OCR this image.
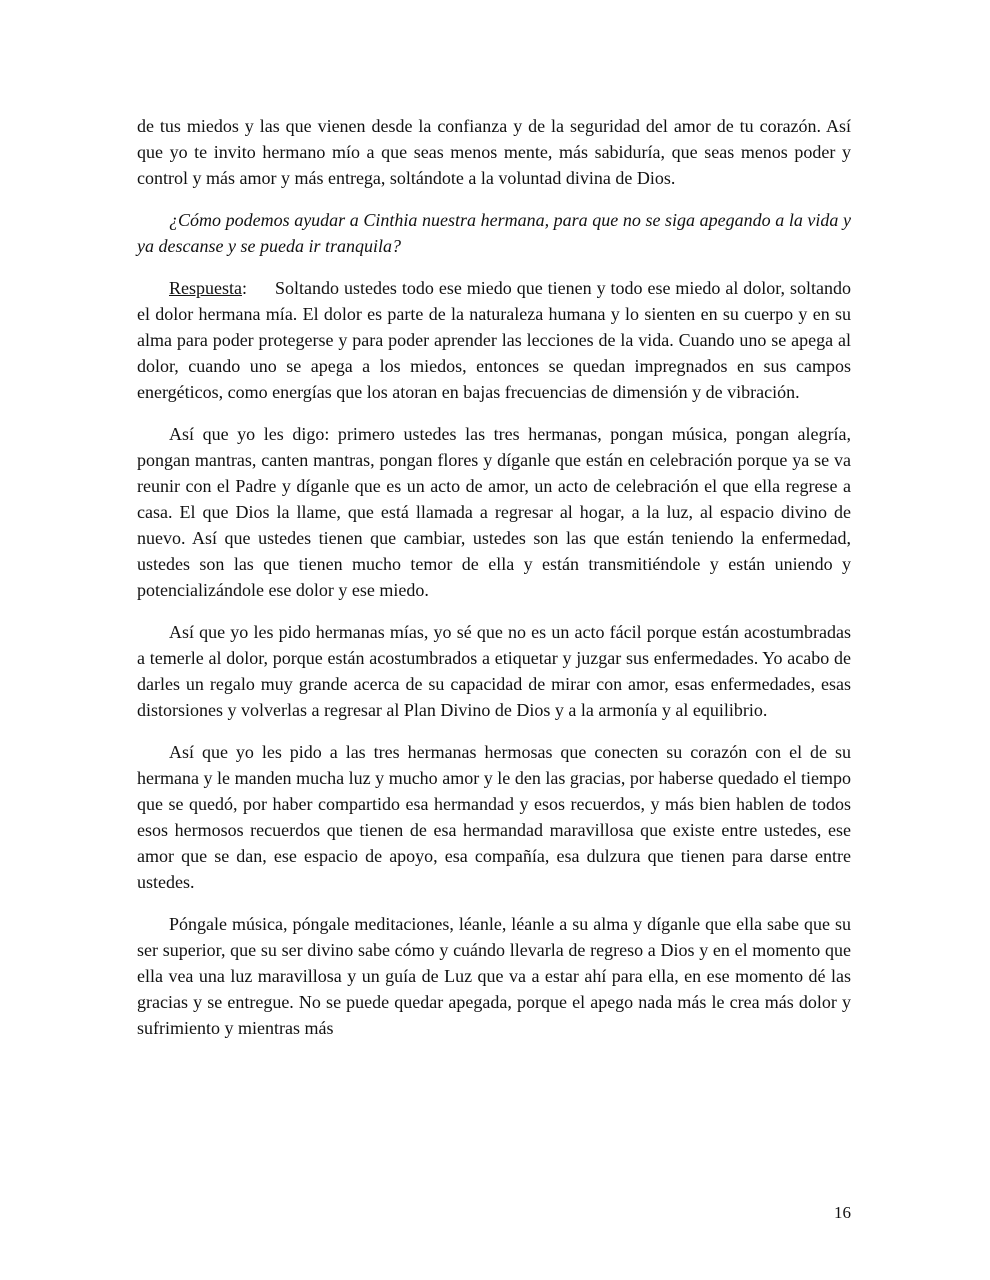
de tus miedos y las que vienen desde la confianza y de la seguridad del amor de tu corazón. Así que yo te invito hermano mío a que seas menos mente, más sabiduría, que seas menos poder y control y más amor y más entrega, soltándote a la voluntad divina de Dios.

¿Cómo podemos ayudar a Cinthia nuestra hermana, para que no se siga apegando a la vida y ya descanse y se pueda ir tranquila?

Respuesta: Soltando ustedes todo ese miedo que tienen y todo ese miedo al dolor, soltando el dolor hermana mía. El dolor es parte de la naturaleza humana y lo sienten en su cuerpo y en su alma para poder protegerse y para poder aprender las lecciones de la vida. Cuando uno se apega al dolor, cuando uno se apega a los miedos, entonces se quedan impregnados en sus campos energéticos, como energías que los atoran en bajas frecuencias de dimensión y de vibración.

Así que yo les digo: primero ustedes las tres hermanas, pongan música, pongan alegría, pongan mantras, canten mantras, pongan flores y díganle que están en celebración porque ya se va reunir con el Padre y díganle que es un acto de amor, un acto de celebración el que ella regrese a casa. El que Dios la llame, que está llamada a regresar al hogar, a la luz, al espacio divino de nuevo. Así que ustedes tienen que cambiar, ustedes son las que están teniendo la enfermedad, ustedes son las que tienen mucho temor de ella y están transmitiéndole y están uniendo y potencializándole ese dolor y ese miedo.

Así que yo les pido hermanas mías, yo sé que no es un acto fácil porque están acostumbradas a temerle al dolor, porque están acostumbrados a etiquetar y juzgar sus enfermedades. Yo acabo de darles un regalo muy grande acerca de su capacidad de mirar con amor, esas enfermedades, esas distorsiones y volverlas a regresar al Plan Divino de Dios y a la armonía y al equilibrio.

Así que yo les pido a las tres hermanas hermosas que conecten su corazón con el de su hermana y le manden mucha luz y mucho amor y le den las gracias, por haberse quedado el tiempo que se quedó, por haber compartido esa hermandad y esos recuerdos, y más bien hablen de todos esos hermosos recuerdos que tienen de esa hermandad maravillosa que existe entre ustedes, ese amor que se dan, ese espacio de apoyo, esa compañía, esa dulzura que tienen para darse entre ustedes.

Póngale música, póngale meditaciones, léanle, léanle a su alma y díganle que ella sabe que su ser superior, que su ser divino sabe cómo y cuándo llevarla de regreso a Dios y en el momento que ella vea una luz maravillosa y un guía de Luz que va a estar ahí para ella, en ese momento dé las gracias y se entregue. No se puede quedar apegada, porque el apego nada más le crea más dolor y sufrimiento y mientras más

16
